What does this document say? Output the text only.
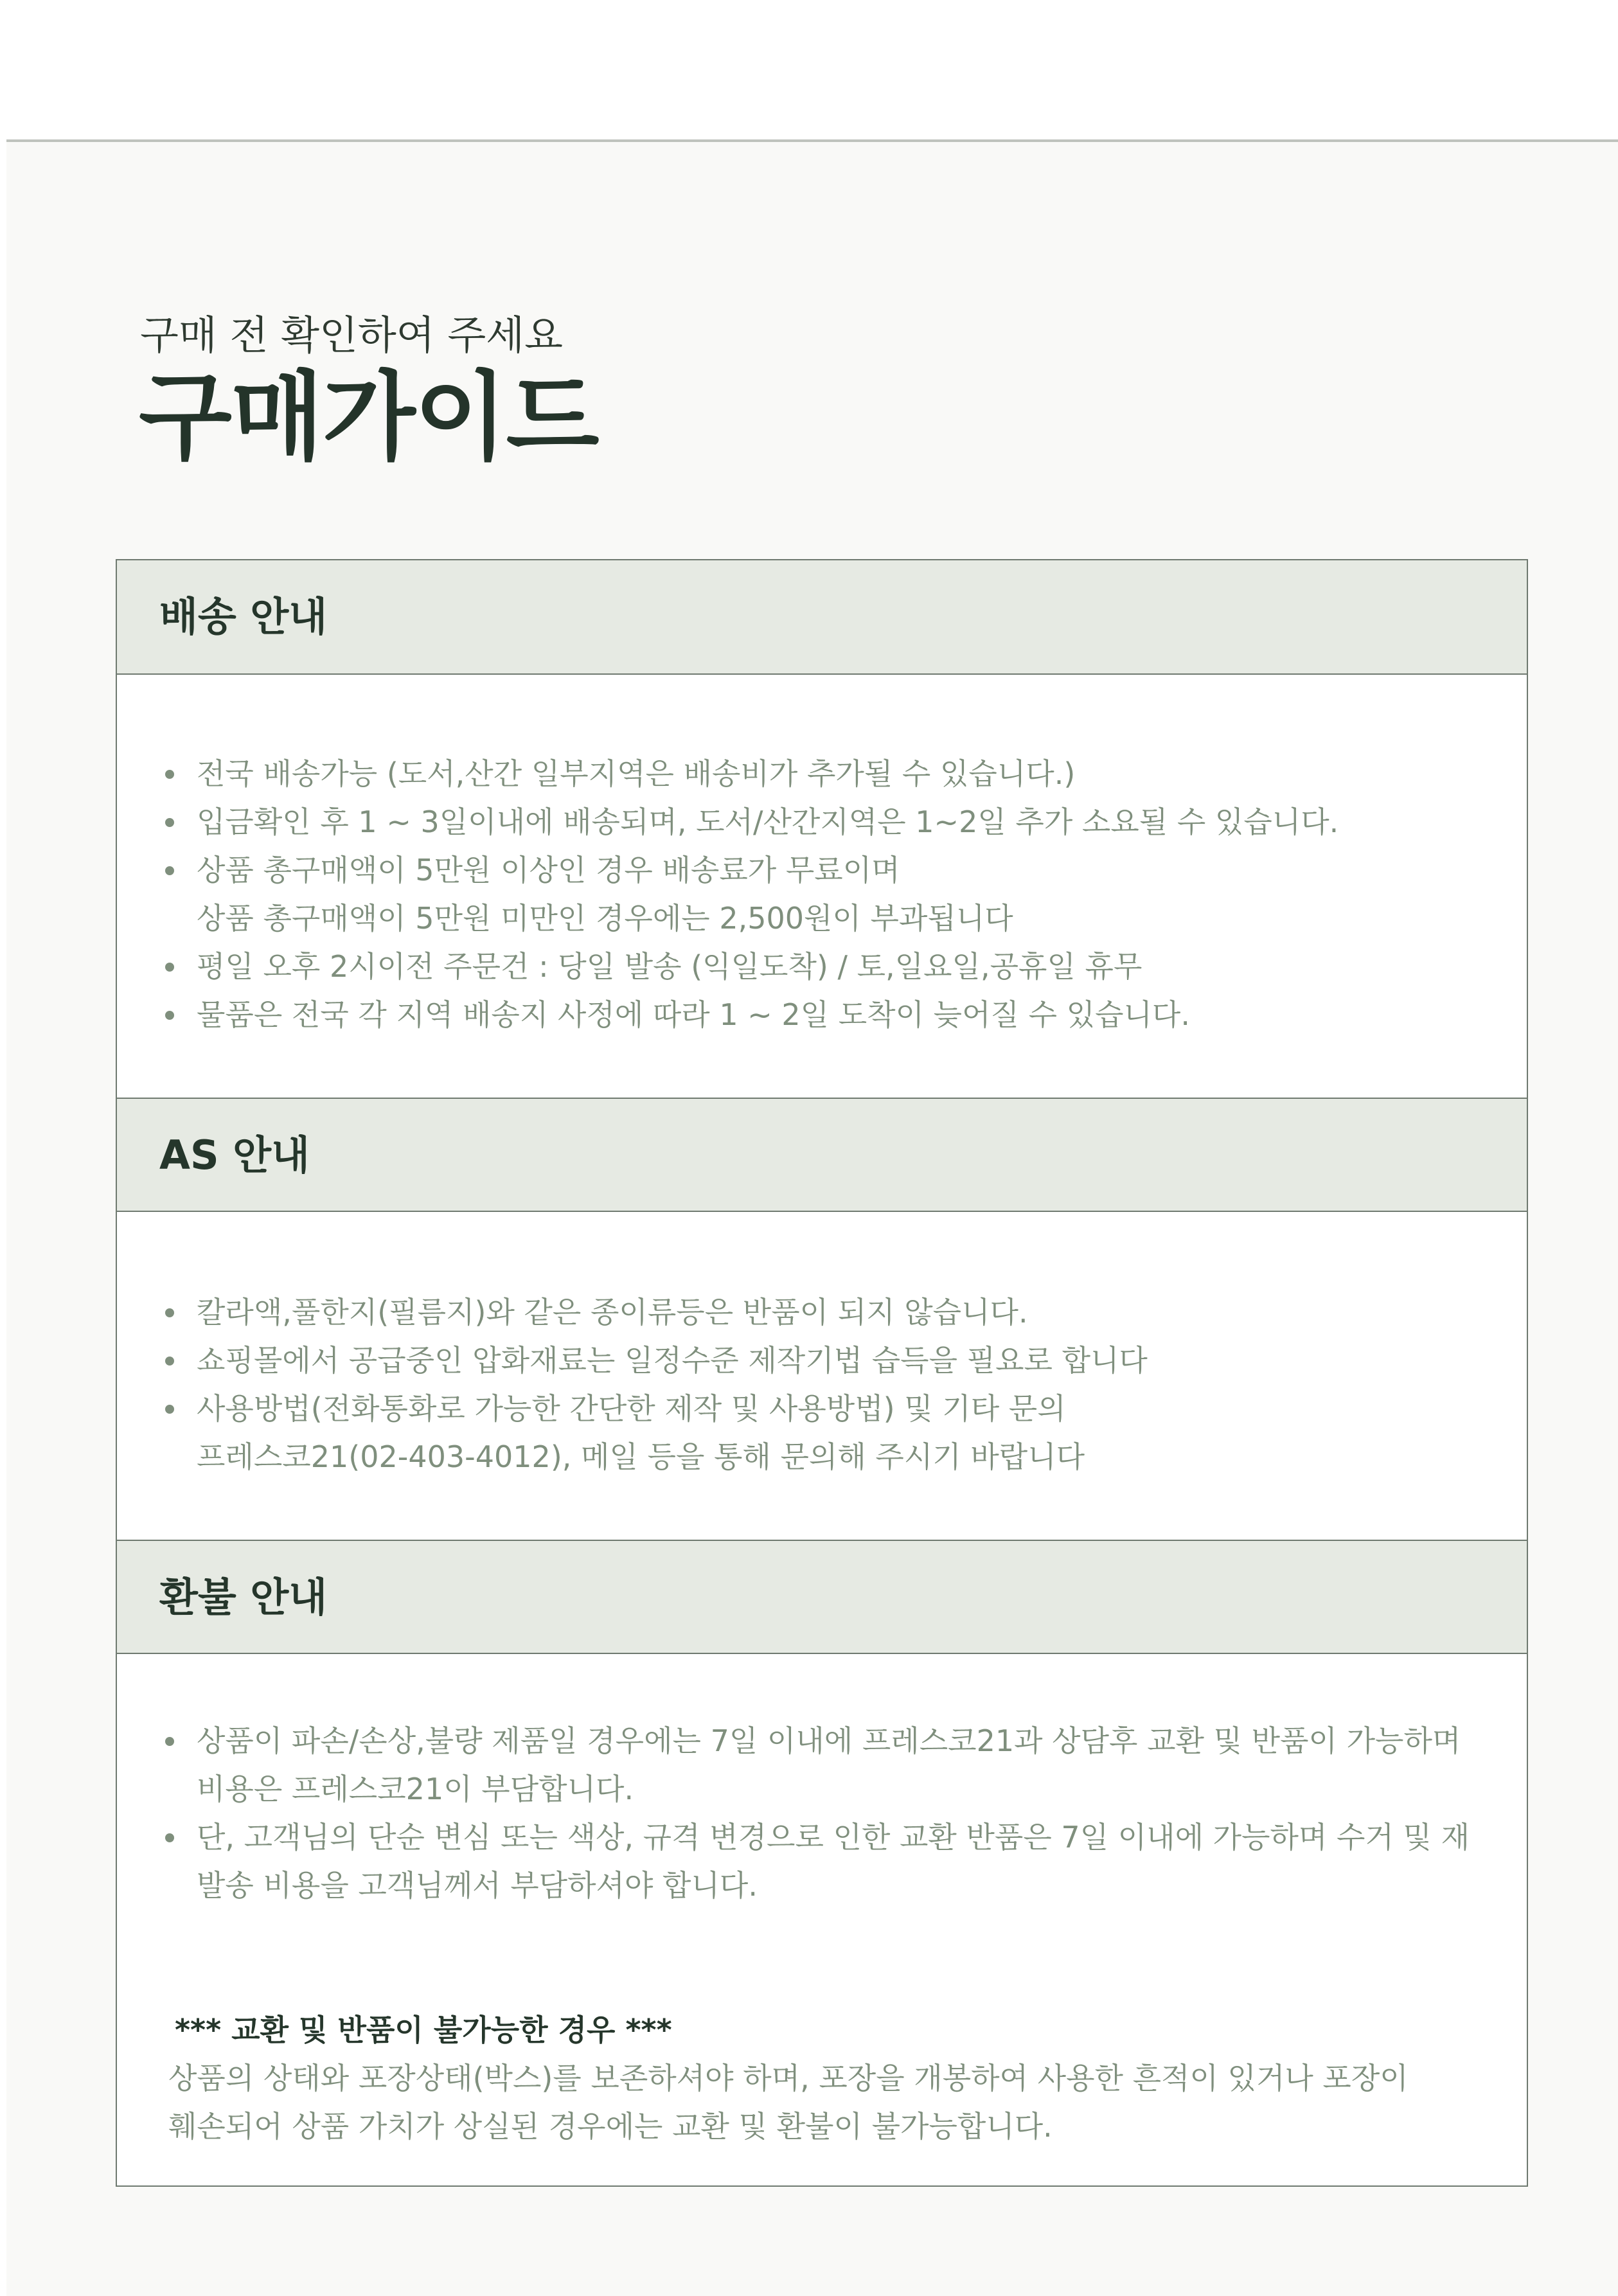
구매 전 확인하여 주세요
구매가이드
배송 안내
전국 배송가능 (도서,산간 일부지역은 배송비가 추가될 수 있습니다.)
입금확인 후 1 ~ 3일이내에 배송되며, 도서/산간지역은 1~2일 추가 소요될 수 있습니다.
상품 총구매액이 5만원 이상인 경우 배송료가 무료이며
상품 총구매액이 5만원 미만인 경우에는 2,500원이 부과됩니다
평일 오후 2시이전 주문건 : 당일 발송 (익일도착) / 토,일요일,공휴일 휴무
물품은 전국 각 지역 배송지 사정에 따라 1 ~ 2일 도착이 늦어질 수 있습니다.
AS 안내
칼라액,풀한지(필름지)와 같은 종이류등은 반품이 되지 않습니다.
쇼핑몰에서 공급중인 압화재료는 일정수준 제작기법 습득을 필요로 합니다
사용방법(전화통화로 가능한 간단한 제작 및 사용방법) 및 기타 문의
프레스코21(02-403-4012), 메일 등을 통해 문의해 주시기 바랍니다
환불 안내
상품이 파손/손상,불량 제품일 경우에는 7일 이내에 프레스코21과 상담후 교환 및 반품이 가능하며
비용은 프레스코21이 부담합니다.
단, 고객님의 단순 변심 또는 색상, 규격 변경으로 인한 교환 반품은 7일 이내에 가능하며 수거 및 재
발송 비용을 고객님께서 부담하셔야 합니다.
*** 교환 및 반품이 불가능한 경우 ***
상품의 상태와 포장상태(박스)를 보존하셔야 하며, 포장을 개봉하여 사용한 흔적이 있거나 포장이
훼손되어 상품 가치가 상실된 경우에는 교환 및 환불이 불가능합니다.
